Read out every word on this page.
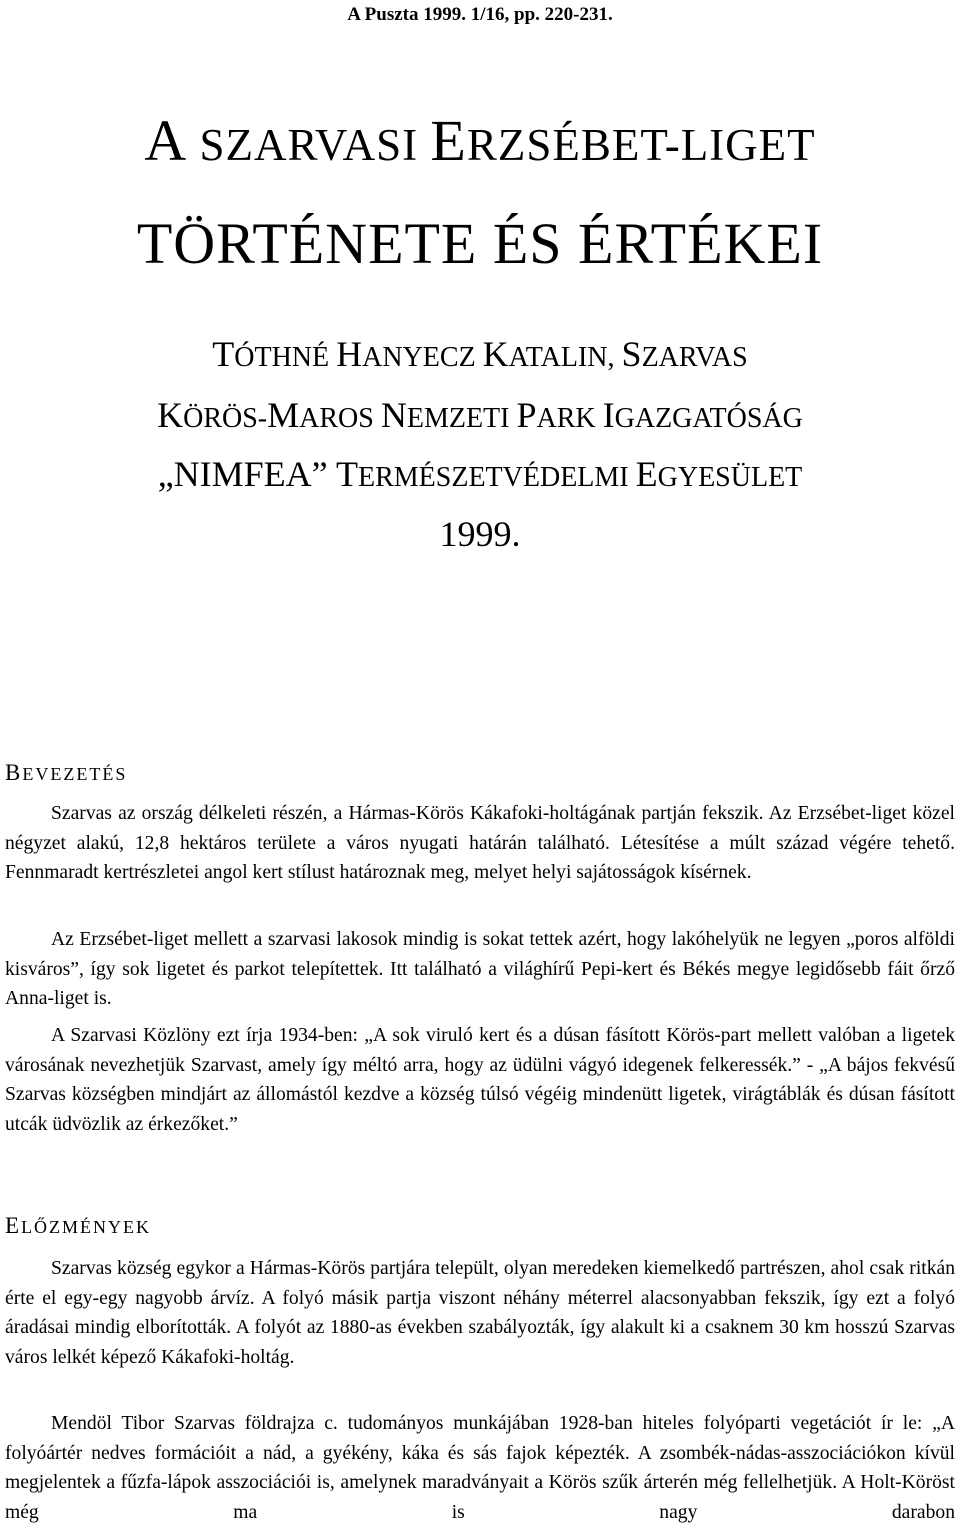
A Puszta 1999. 1/16, pp. 220-231.
A SZARVASI ERZSÉBET-LIGET
TÖRTÉNETE ÉS ÉRTÉKEI
TÓTHNÉ HANYECZ KATALIN, SZARVAS
KÖRÖS-MAROS NEMZETI PARK IGAZGATÓSÁG
„NIMFEA” TERMÉSZETVÉDELMI EGYESÜLET
1999.
BEVEZETÉS

Szarvas az ország délkeleti részén, a Hármas-Körös Kákafoki-holtágának partján fekszik. Az Erzsébet-liget közel négyzet alakú, 12,8 hektáros területe a város nyugati határán található. Létesítése a múlt század végére tehető. Fennmaradt kertrészletei angol kert stílust határoznak meg, melyet helyi sajátosságok kísérnek.

Az Erzsébet-liget mellett a szarvasi lakosok mindig is sokat tettek azért, hogy lakóhelyük ne legyen „poros alföldi kisváros”, így sok ligetet és parkot telepítettek. Itt található a világhírű Pepi-kert és Békés megye legidősebb fáit őrző Anna-liget is.

A Szarvasi Közlöny ezt írja 1934-ben: „A sok viruló kert és a dúsan fásított Körös-part mellett valóban a ligetek városának nevezhetjük Szarvast, amely így méltó arra, hogy az üdülni vágyó idegenek felkeressék.” - „A bájos fekvésű Szarvas községben mindjárt az állomástól kezdve a község túlsó végéig mindenütt ligetek, virágtáblák és dúsan fásított utcák üdvözlik az érkezőket.”

ELŐZMÉNYEK

Szarvas község egykor a Hármas-Körös partjára települt, olyan meredeken kiemelkedő partrészen, ahol csak ritkán érte el egy-egy nagyobb árvíz. A folyó másik partja viszont néhány méterrel alacsonyabban fekszik, így ezt a folyó áradásai mindig elborították. A folyót az 1880-as években szabályozták, így alakult ki a csaknem 30 km hosszú Szarvas város lelkét képező Kákafoki-holtág.

Mendöl Tibor Szarvas földrajza c. tudományos munkájában 1928-ban hiteles folyóparti vegetációt ír le: „A folyóártér nedves formációit a nád, a gyékény, káka és sás fajok képezték. A zsombék-nádas-asszociációkon kívül megjelentek a fűzfa-lápok asszociációi is, amelynek maradványait a Körös szűk árterén még fellelhetjük. A Holt-Köröst még ma is nagy darabon
